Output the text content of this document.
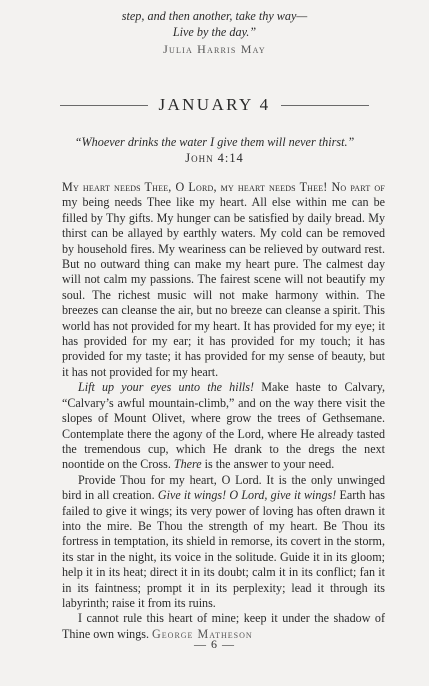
step, and then another, take thy way—
Live by the day.”
Julia Harris May
JANUARY 4
“Whoever drinks the water I give them will never thirst.”
John 4:14

My heart needs Thee, O Lord, my heart needs Thee! No part of my being needs Thee like my heart. All else within me can be filled by Thy gifts. My hunger can be satisfied by daily bread. My thirst can be allayed by earthly waters. My cold can be removed by household fires. My weariness can be relieved by outward rest. But no outward thing can make my heart pure. The calmest day will not calm my passions. The fairest scene will not beautify my soul. The richest music will not make harmony within. The breezes can cleanse the air, but no breeze can cleanse a spirit. This world has not provided for my heart. It has provided for my eye; it has provided for my ear; it has provided for my touch; it has provided for my taste; it has provided for my sense of beauty, but it has not provided for my heart.

Lift up your eyes unto the hills! Make haste to Calvary, “Calvary’s awful mountain-climb,” and on the way there visit the slopes of Mount Olivet, where grow the trees of Gethsemane. Contemplate there the agony of the Lord, where He already tasted the tremendous cup, which He drank to the dregs the next noontide on the Cross. There is the answer to your need.

Provide Thou for my heart, O Lord. It is the only unwinged bird in all creation. Give it wings! O Lord, give it wings! Earth has failed to give it wings; its very power of loving has often drawn it into the mire. Be Thou the strength of my heart. Be Thou its fortress in temptation, its shield in remorse, its covert in the storm, its star in the night, its voice in the solitude. Guide it in its gloom; help it in its heat; direct it in its doubt; calm it in its conflict; fan it in its faintness; prompt it in its perplexity; lead it through its labyrinth; raise it from its ruins.

I cannot rule this heart of mine; keep it under the shadow of Thine own wings. George Matheson

— 6 —
